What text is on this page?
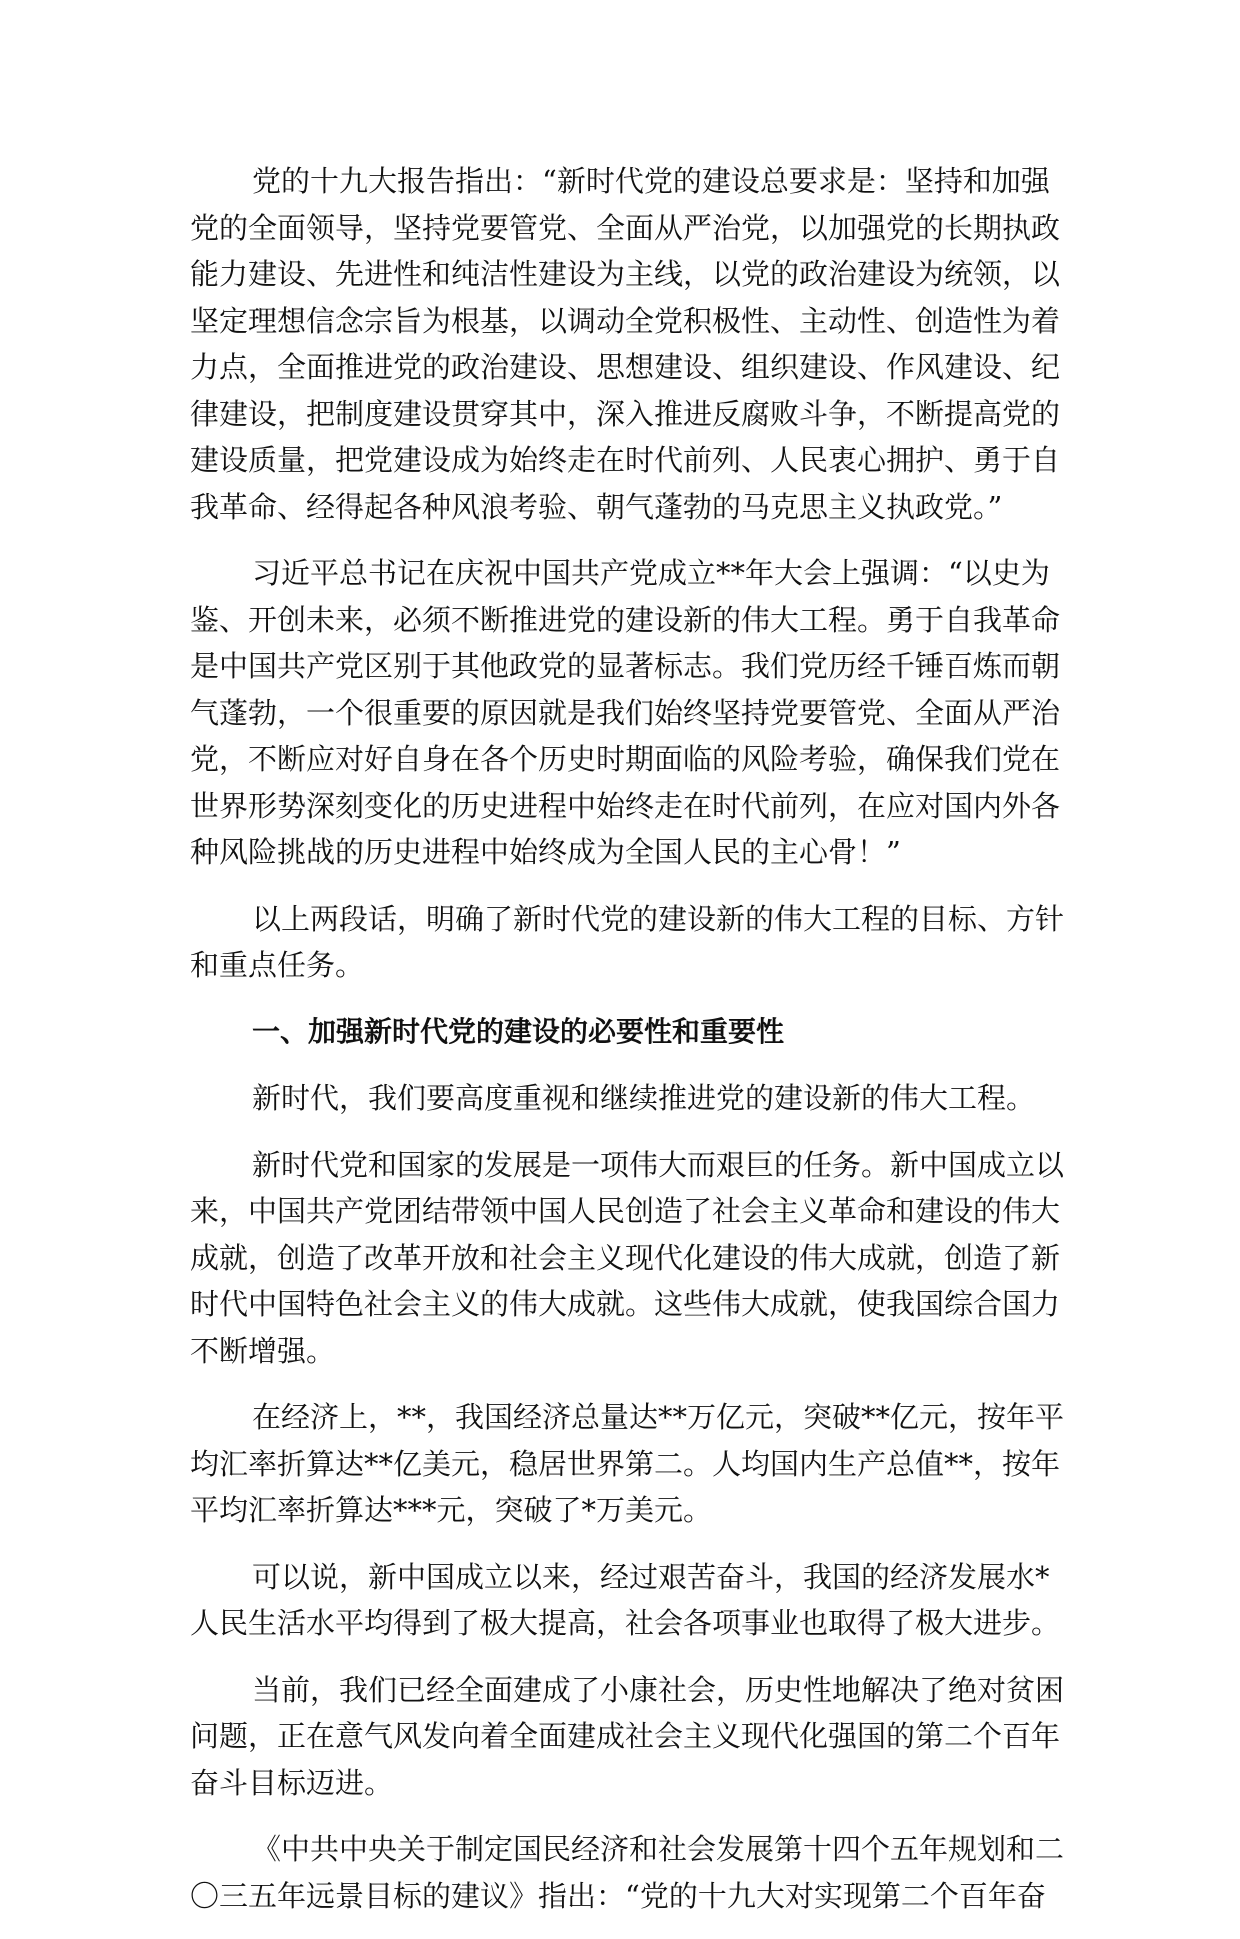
党的十九大报告指出：“新时代党的建设总要求是：坚持和加强
党的全面领导，坚持党要管党、全面从严治党，以加强党的长期执政
能力建设、先进性和纯洁性建设为主线，以党的政治建设为统领，以
坚定理想信念宗旨为根基，以调动全党积极性、主动性、创造性为着
力点，全面推进党的政治建设、思想建设、组织建设、作风建设、纪
律建设，把制度建设贯穿其中，深入推进反腐败斗争，不断提高党的
建设质量，把党建设成为始终走在时代前列、人民衷心拥护、勇于自
我革命、经得起各种风浪考验、朝气蓬勃的马克思主义执政党。”
习近平总书记在庆祝中国共产党成立**年大会上强调：“以史为
鉴、开创未来，必须不断推进党的建设新的伟大工程。勇于自我革命
是中国共产党区别于其他政党的显著标志。我们党历经千锤百炼而朝
气蓬勃，一个很重要的原因就是我们始终坚持党要管党、全面从严治
党，不断应对好自身在各个历史时期面临的风险考验，确保我们党在
世界形势深刻变化的历史进程中始终走在时代前列，在应对国内外各
种风险挑战的历史进程中始终成为全国人民的主心骨！”
以上两段话，明确了新时代党的建设新的伟大工程的目标、方针
和重点任务。
一、加强新时代党的建设的必要性和重要性
新时代，我们要高度重视和继续推进党的建设新的伟大工程。
新时代党和国家的发展是一项伟大而艰巨的任务。新中国成立以
来，中国共产党团结带领中国人民创造了社会主义革命和建设的伟大
成就，创造了改革开放和社会主义现代化建设的伟大成就，创造了新
时代中国特色社会主义的伟大成就。这些伟大成就，使我国综合国力
不断增强。
在经济上，**，我国经济总量达**万亿元，突破**亿元，按年平
均汇率折算达**亿美元，稳居世界第二。人均国内生产总值**，按年
平均汇率折算达***元，突破了*万美元。
可以说，新中国成立以来，经过艰苦奋斗，我国的经济发展水*
人民生活水平均得到了极大提高，社会各项事业也取得了极大进步。
当前，我们已经全面建成了小康社会，历史性地解决了绝对贫困
问题，正在意气风发向着全面建成社会主义现代化强国的第二个百年
奋斗目标迈进。
《中共中央关于制定国民经济和社会发展第十四个五年规划和二
〇三五年远景目标的建议》指出：“党的十九大对实现第二个百年奋
